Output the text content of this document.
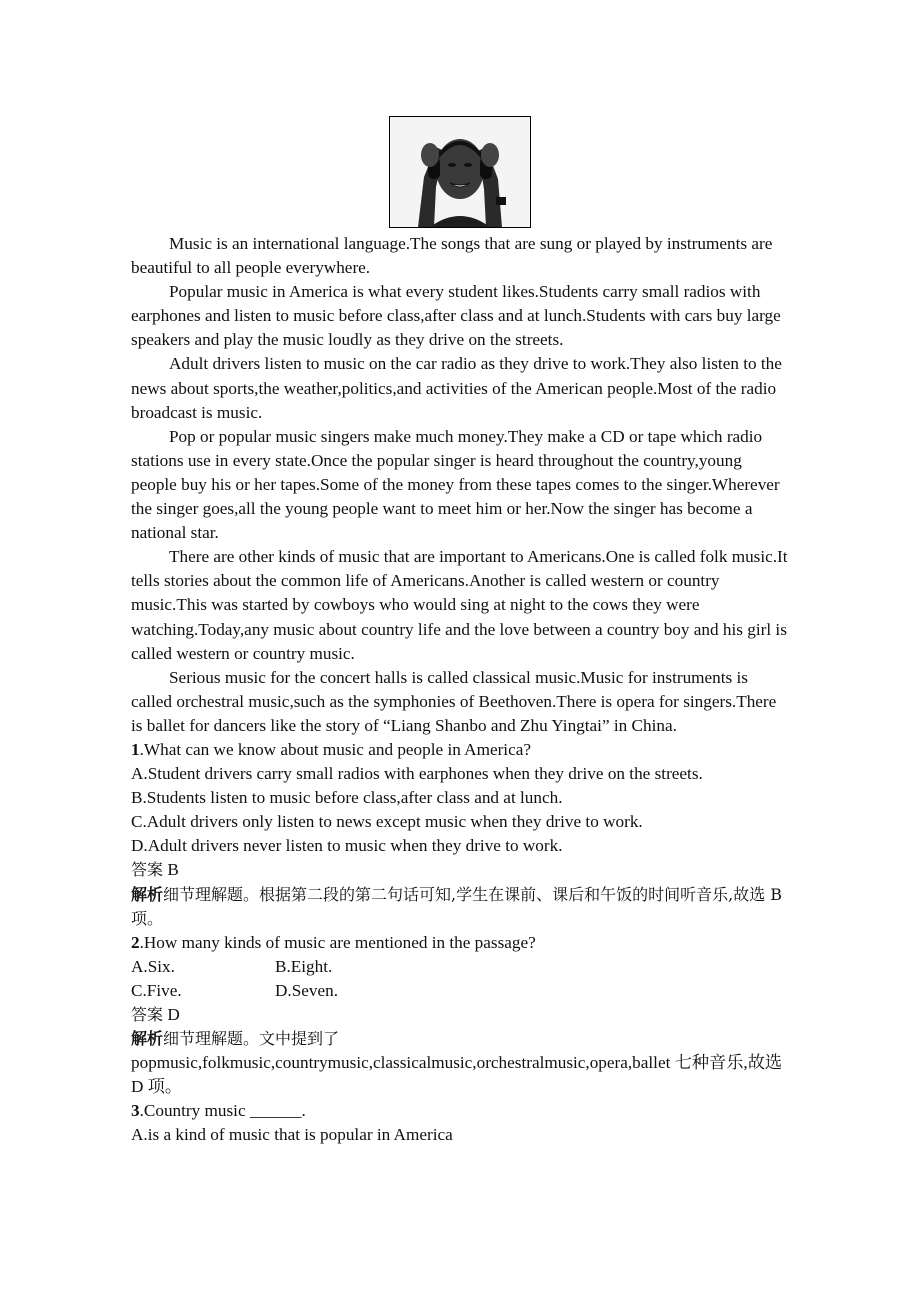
Music is an international language.The songs that are sung or played by instruments are beautiful to all people everywhere.

Popular music in America is what every student likes.Students carry small radios with earphones and listen to music before class,after class and at lunch.Students with cars buy large speakers and play the music loudly as they drive on the streets.

Adult drivers listen to music on the car radio as they drive to work.They also listen to the news about sports,the weather,politics,and activities of the American people.Most of the radio broadcast is music.

Pop or popular music singers make much money.They make a CD or tape which radio stations use in every state.Once the popular singer is heard throughout the country,young people buy his or her tapes.Some of the money from these tapes comes to the singer.Wherever the singer goes,all the young people want to meet him or her.Now the singer has become a national star.

There are other kinds of music that are important to Americans.One is called folk music.It tells stories about the common life of Americans.Another is called western or country music.This was started by cowboys who would sing at night to the cows they were watching.Today,any music about country life and the love between a country boy and his girl is called western or country music.

Serious music for the concert halls is called classical music.Music for instruments is called orchestral music,such as the symphonies of Beethoven.There is opera for singers.There is ballet for dancers like the story of “Liang Shanbo and Zhu Yingtai” in China.

1.What can we know about music and people in America?

A.Student drivers carry small radios with earphones when they drive on the streets.

B.Students listen to music before class,after class and at lunch.

C.Adult drivers only listen to news except music when they drive to work.

D.Adult drivers never listen to music when they drive to work.

答案 B

解析细节理解题。根据第二段的第二句话可知,学生在课前、课后和午饭的时间听音乐,故选 B 项。

2.How many kinds of music are mentioned in the passage?

A.Six.	B.Eight.
C.Five.	D.Seven.

答案 D

解析细节理解题。文中提到了

popmusic,folkmusic,countrymusic,classicalmusic,orchestralmusic,opera,ballet 七种音乐,故选 D 项。

3.Country music ______.

A.is a kind of music that is popular in America
